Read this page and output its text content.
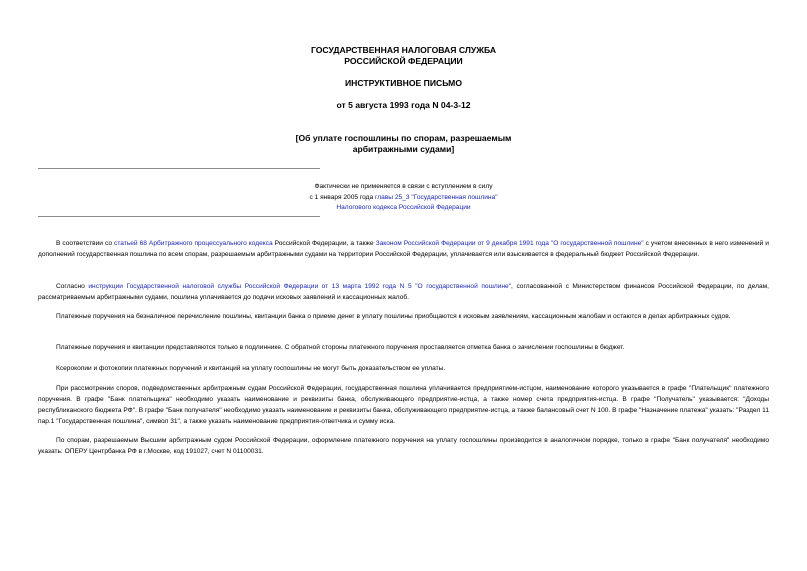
ГОСУДАРСТВЕННАЯ НАЛОГОВАЯ СЛУЖБА
РОССИЙСКОЙ ФЕДЕРАЦИИ
ИНСТРУКТИВНОЕ ПИСЬМО
от 5 августа 1993 года N 04-3-12
[Об уплате госпошлины по спорам, разрешаемым
арбитражными судами]
Фактически не применяется в связи с вступлением в силу
с 1 января 2005 года главы 25_3 "Государственная пошлина"
Налогового кодекса Российской Федерации

В соответствии со статьей 68 Арбитражного процессуального кодекса Российской Федерации, а также Законом Российской Федерации от 9 декабря 1991 года "О государственной пошлине" с учетом внесенных в него изменений и дополнений государственная пошлина по всем спорам, разрешаемым арбитражными судами на территории Российской Федерации, уплачивается или взыскивается в федеральный бюджет Российской Федерации.

Согласно инструкции Государственной налоговой службы Российской Федерации от 13 марта 1992 года N 5 "О государственной пошлине", согласованной с Министерством финансов Российской Федерации, по делам, рассматриваемым арбитражными судами, пошлина уплачивается до подачи исковых заявлений и кассационных жалоб.

Платежные поручения на безналичное перечисление пошлины, квитанции банка о приеме денег в уплату пошлины приобщаются к исковым заявлениям, кассационным жалобам и остаются в делах арбитражных судов.

Платежные поручения и квитанции представляются только в подлиннике. С обратной стороны платежного поручения проставляется отметка банка о зачислении госпошлины в бюджет.

Ксерокопии и фотокопии платежных поручений и квитанций на уплату госпошлины не могут быть доказательством ее уплаты.

При рассмотрении споров, подведомственных арбитражным судам Российской Федерации, государственная пошлина уплачивается предприятием-истцом, наименование которого указывается в графе "Плательщик" платежного поручения. В графе "Банк плательщика" необходимо указать наименование и реквизиты банка, обслуживающего предприятие-истца, а также номер счета предприятия-истца. В графе "Получатель" указывается: "Доходы республиканского бюджета РФ". В графе "Банк получателя" необходимо указать наименование и реквизиты банка, обслуживающего предприятие-истца, а также балансовый счет N 100. В графе "Назначение платежа" указать: "Раздел 11 пар.1 "Государственная пошлина", символ 31", а также указать наименование предприятия-ответчика и сумму иска.

По спорам, разрешаемым Высшим арбитражным судом Российской Федерации, оформление платежного поручения на уплату госпошлины производится в аналогичном порядке, только в графе "Банк получателя" необходимо указать: ОПЕРУ Центрбанка РФ в г.Москве, код 191027, счет N 01100031.
